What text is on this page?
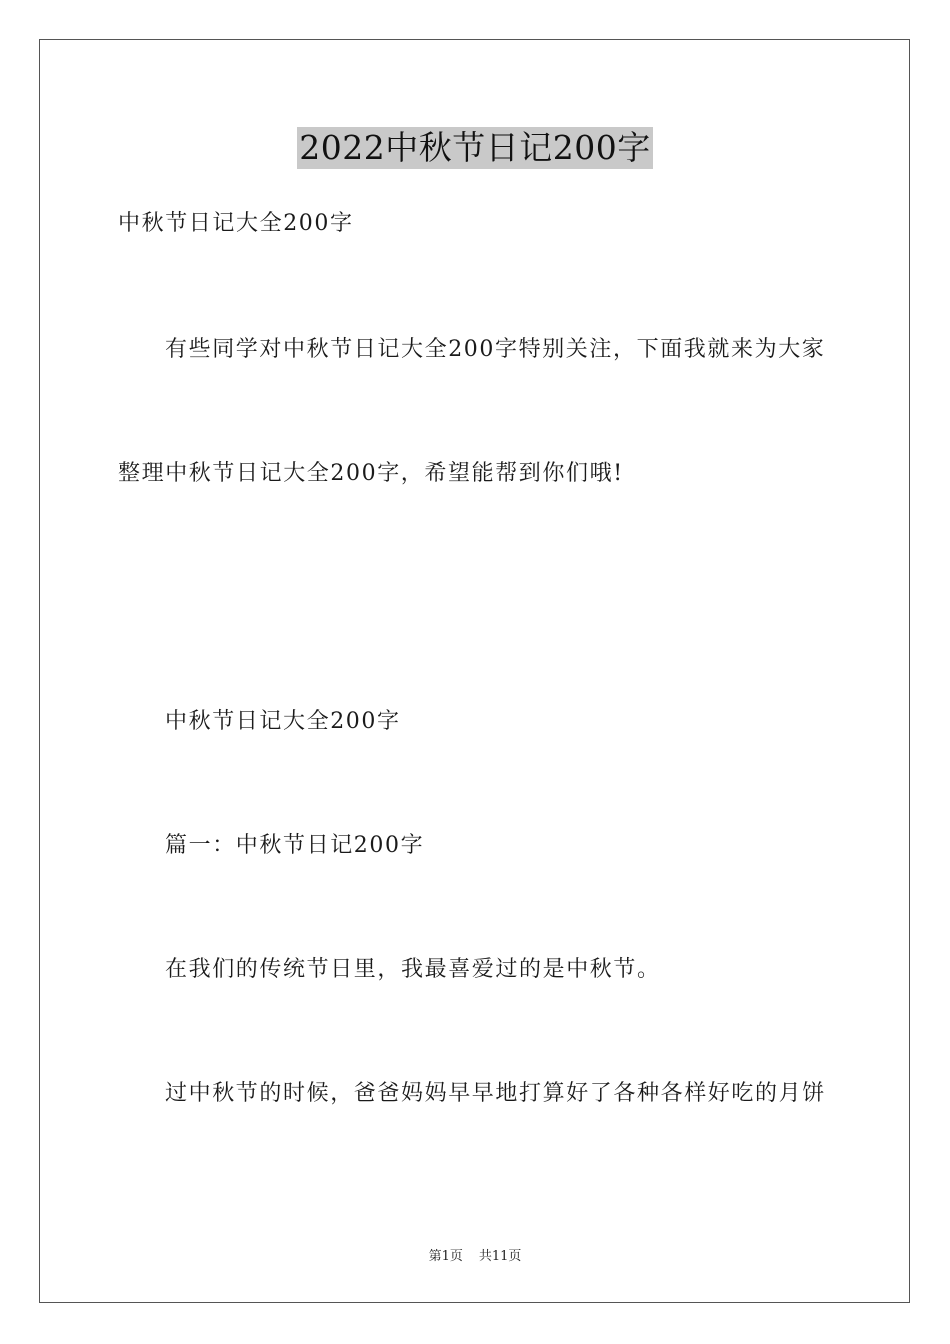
2022中秋节日记200字
中秋节日记大全200字
有些同学对中秋节日记大全200字特别关注，下面我就来为大家
整理中秋节日记大全200字，希望能帮到你们哦!
中秋节日记大全200字
篇一：中秋节日记200字
在我们的传统节日里，我最喜爱过的是中秋节。
过中秋节的时候，爸爸妈妈早早地打算好了各种各样好吃的月饼
第1页 共11页
